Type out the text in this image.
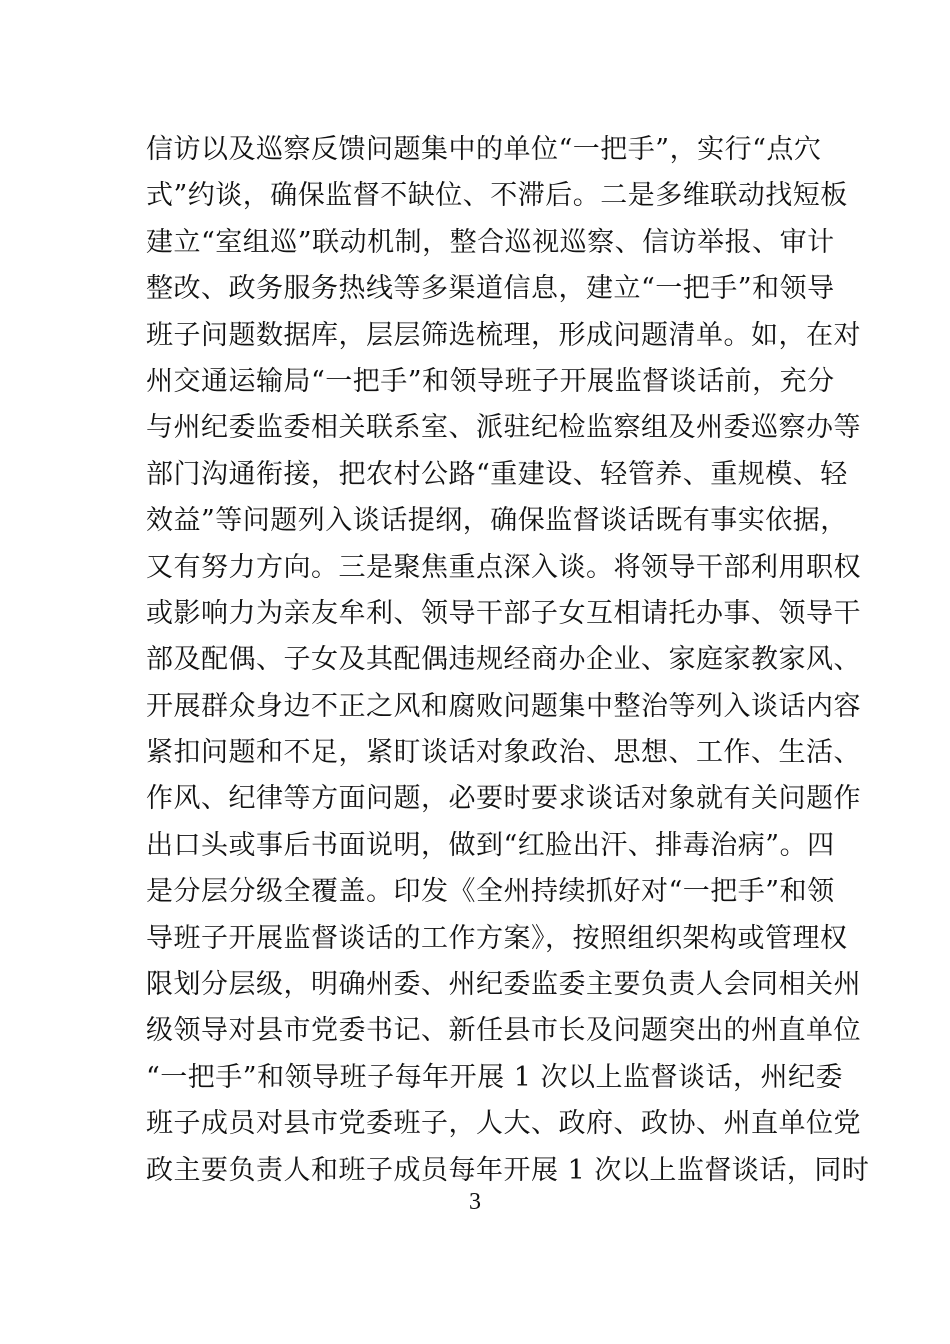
信访以及巡察反馈问题集中的单位“一把手”，实行“点穴
式”约谈，确保监督不缺位、不滞后。二是多维联动找短板
建立“室组巡”联动机制，整合巡视巡察、信访举报、审计
整改、政务服务热线等多渠道信息，建立“一把手”和领导
班子问题数据库，层层筛选梳理，形成问题清单。如，在对
州交通运输局“一把手”和领导班子开展监督谈话前，充分
与州纪委监委相关联系室、派驻纪检监察组及州委巡察办等
部门沟通衔接，把农村公路“重建设、轻管养、重规模、轻
效益”等问题列入谈话提纲，确保监督谈话既有事实依据，
又有努力方向。三是聚焦重点深入谈。将领导干部利用职权
或影响力为亲友牟利、领导干部子女互相请托办事、领导干
部及配偶、子女及其配偶违规经商办企业、家庭家教家风、
开展群众身边不正之风和腐败问题集中整治等列入谈话内容
紧扣问题和不足，紧盯谈话对象政治、思想、工作、生活、
作风、纪律等方面问题，必要时要求谈话对象就有关问题作
出口头或事后书面说明，做到“红脸出汗、排毒治病”。四
是分层分级全覆盖。印发《全州持续抓好对“一把手”和领
导班子开展监督谈话的工作方案》，按照组织架构或管理权
限划分层级，明确州委、州纪委监委主要负责人会同相关州
级领导对县市党委书记、新任县市长及问题突出的州直单位
“一把手”和领导班子每年开展 1 次以上监督谈话，州纪委
班子成员对县市党委班子，人大、政府、政协、州直单位党
政主要负责人和班子成员每年开展 1 次以上监督谈话，同时
3
